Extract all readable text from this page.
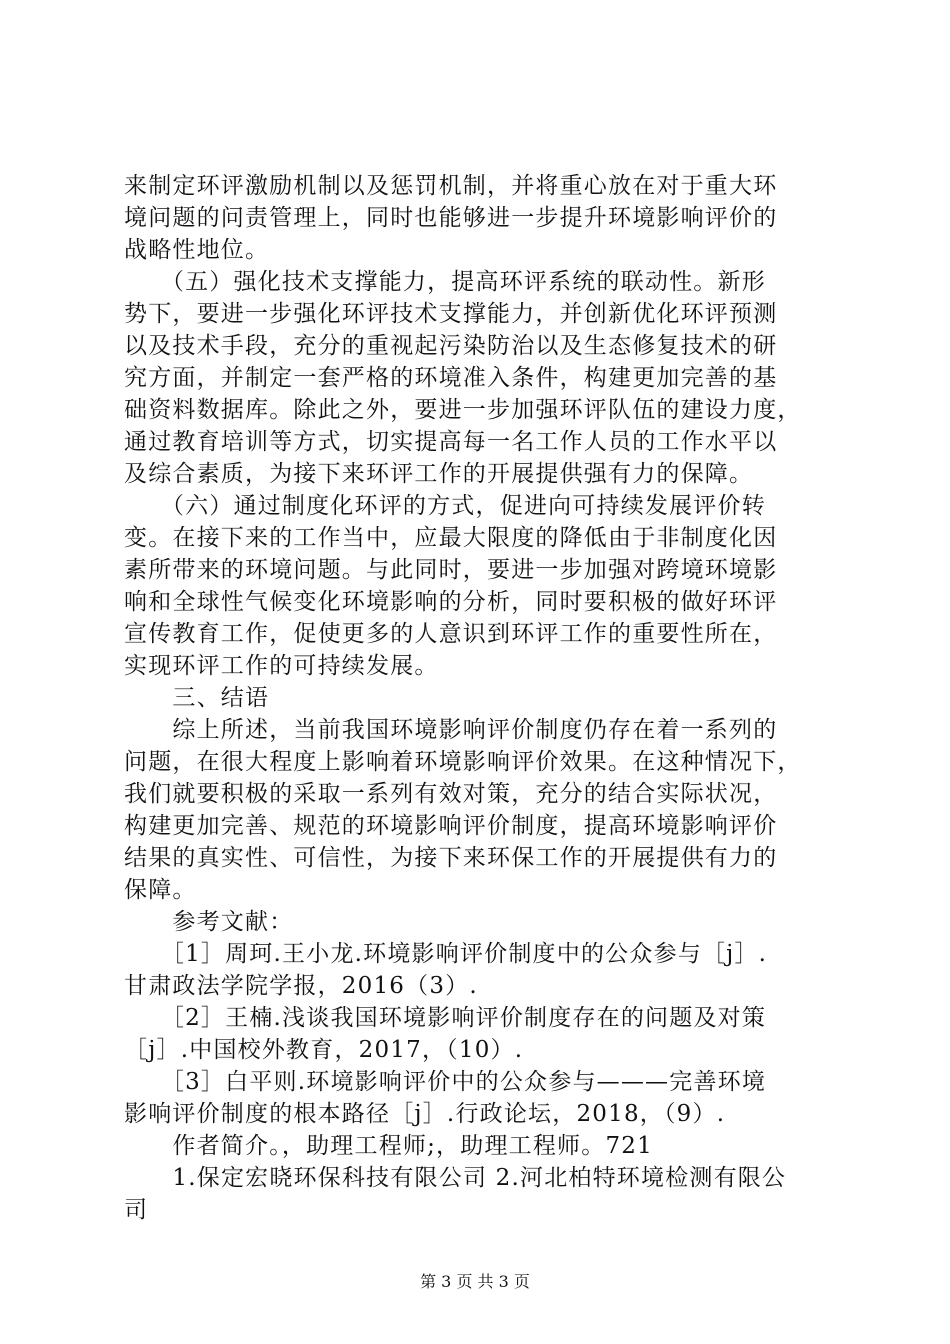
来制定环评激励机制以及惩罚机制，并将重心放在对于重大环
境问题的问责管理上，同时也能够进一步提升环境影响评价的
战略性地位。
　　（五）强化技术支撑能力，提高环评系统的联动性。新形
势下，要进一步强化环评技术支撑能力，并创新优化环评预测
以及技术手段，充分的重视起污染防治以及生态修复技术的研
究方面，并制定一套严格的环境准入条件，构建更加完善的基
础资料数据库。除此之外，要进一步加强环评队伍的建设力度，
通过教育培训等方式，切实提高每一名工作人员的工作水平以
及综合素质，为接下来环评工作的开展提供强有力的保障。
　　（六）通过制度化环评的方式，促进向可持续发展评价转
变。在接下来的工作当中，应最大限度的降低由于非制度化因
素所带来的环境问题。与此同时，要进一步加强对跨境环境影
响和全球性气候变化环境影响的分析，同时要积极的做好环评
宣传教育工作，促使更多的人意识到环评工作的重要性所在，
实现环评工作的可持续发展。
　　三、结语
　　综上所述，当前我国环境影响评价制度仍存在着一系列的
问题，在很大程度上影响着环境影响评价效果。在这种情况下，
我们就要积极的采取一系列有效对策，充分的结合实际状况，
构建更加完善、规范的环境影响评价制度，提高环境影响评价
结果的真实性、可信性，为接下来环保工作的开展提供有力的
保障。
　　参考文献：
　　［1］周珂.王小龙.环境影响评价制度中的公众参与［j］.
甘肃政法学院学报，2016（3）.
　　［2］王楠.浅谈我国环境影响评价制度存在的问题及对策
［j］.中国校外教育，2017，（10）.
　　［3］白平则.环境影响评价中的公众参与———完善环境
影响评价制度的根本路径［j］.行政论坛，2018，（9）.
　　作者简介。，助理工程师;，助理工程师。721
　　1.保定宏晓环保科技有限公司 2.河北柏特环境检测有限公
司
第 3 页 共 3 页
